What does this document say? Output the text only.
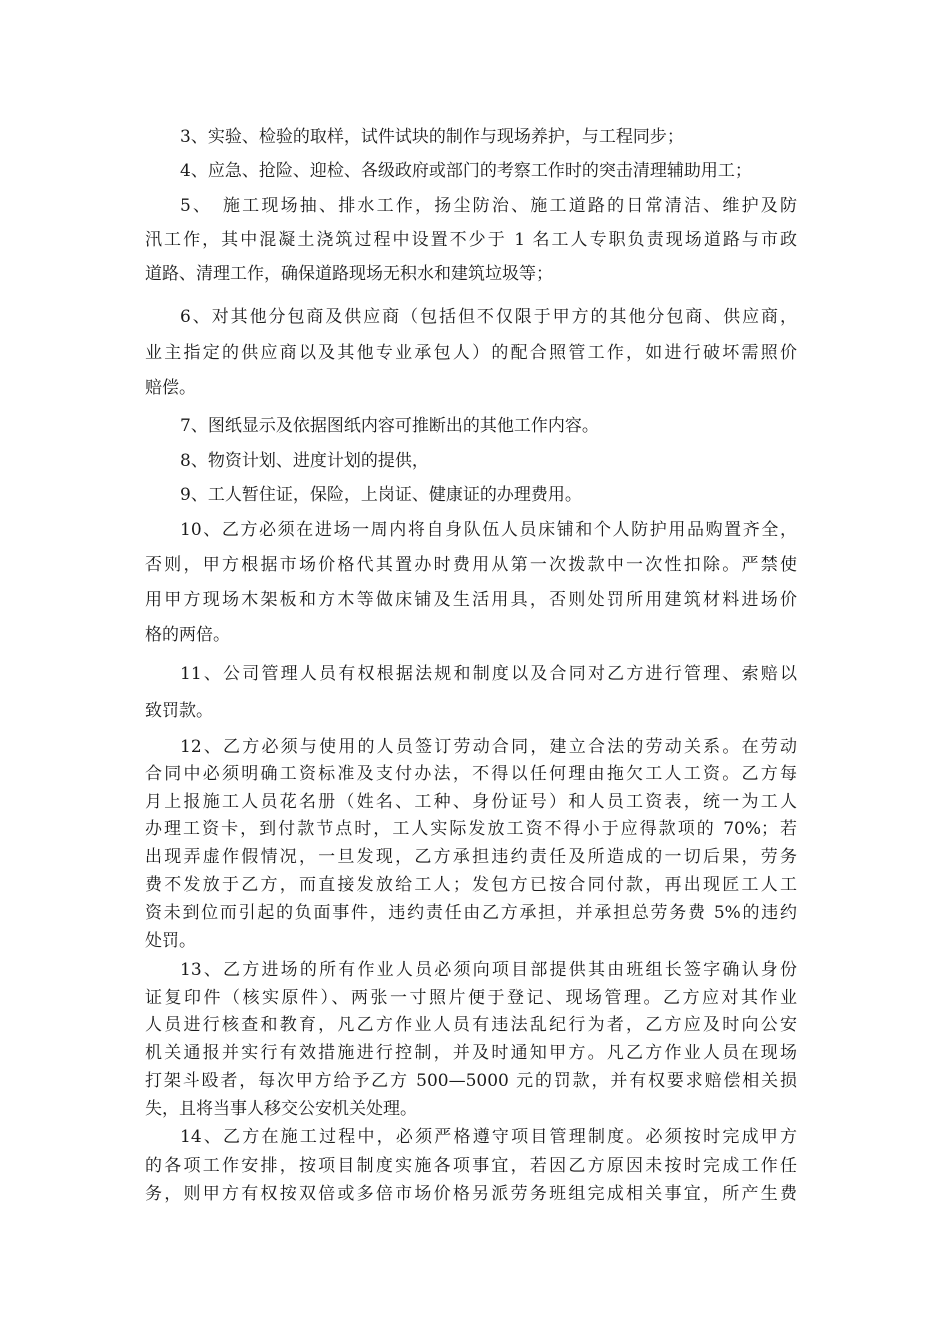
3、实验、检验的取样，试件试块的制作与现场养护，与工程同步；
4、应急、抢险、迎检、各级政府或部门的考察工作时的突击清理辅助用工；
5、　施工现场抽、排水工作，扬尘防治、施工道路的日常清洁、维护及防
汛工作，其中混凝土浇筑过程中设置不少于 1 名工人专职负责现场道路与市政
道路、清理工作，确保道路现场无积水和建筑垃圾等；
6、对其他分包商及供应商（包括但不仅限于甲方的其他分包商、供应商，
业主指定的供应商以及其他专业承包人）的配合照管工作，如进行破坏需照价
赔偿。
7、图纸显示及依据图纸内容可推断出的其他工作内容。
8、物资计划、进度计划的提供，
9、工人暂住证，保险，上岗证、健康证的办理费用。
10、乙方必须在进场一周内将自身队伍人员床铺和个人防护用品购置齐全，
否则，甲方根据市场价格代其置办时费用从第一次拨款中一次性扣除。严禁使
用甲方现场木架板和方木等做床铺及生活用具，否则处罚所用建筑材料进场价
格的两倍。
11、公司管理人员有权根据法规和制度以及合同对乙方进行管理、索赔以
致罚款。
12、乙方必须与使用的人员签订劳动合同，建立合法的劳动关系。在劳动
合同中必须明确工资标准及支付办法，不得以任何理由拖欠工人工资。乙方每
月上报施工人员花名册（姓名、工种、身份证号）和人员工资表，统一为工人
办理工资卡，到付款节点时，工人实际发放工资不得小于应得款项的 70%；若
出现弄虚作假情况，一旦发现，乙方承担违约责任及所造成的一切后果，劳务
费不发放于乙方，而直接发放给工人；发包方已按合同付款，再出现匠工人工
资未到位而引起的负面事件，违约责任由乙方承担，并承担总劳务费 5%的违约
处罚。
13、乙方进场的所有作业人员必须向项目部提供其由班组长签字确认身份
证复印件（核实原件）、两张一寸照片便于登记、现场管理。乙方应对其作业
人员进行核查和教育，凡乙方作业人员有违法乱纪行为者，乙方应及时向公安
机关通报并实行有效措施进行控制，并及时通知甲方。凡乙方作业人员在现场
打架斗殴者，每次甲方给予乙方 500—5000 元的罚款，并有权要求赔偿相关损
失，且将当事人移交公安机关处理。
14、乙方在施工过程中，必须严格遵守项目管理制度。必须按时完成甲方
的各项工作安排，按项目制度实施各项事宜，若因乙方原因未按时完成工作任
务，则甲方有权按双倍或多倍市场价格另派劳务班组完成相关事宜，所产生费
